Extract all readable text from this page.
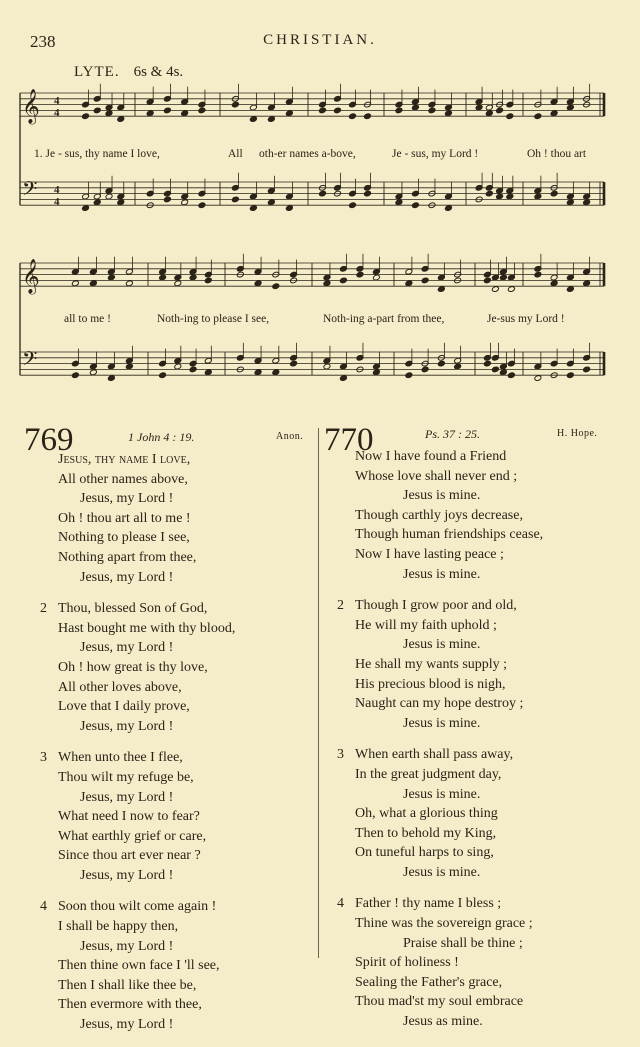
238	CHRISTIAN.
LYTE. 6s & 4s.
𝄞 4
4
𝄢 4
4
𝄞
𝄢
1. Je - sus, thy name I love,	All oth-er names a-bove,	Je - sus, my Lord !	Oh ! thou art
all to me !	Noth-ing to please I see,	Noth-ing a-part from thee,	Je-sus my Lord !
769	1 John 4 : 19.	Anon.
Jesus, thy name I love,
All other names above,
Jesus, my Lord !
Oh ! thou art all to me !
Nothing to please I see,
Nothing apart from thee,
Jesus, my Lord !
2 Thou, blessed Son of God,
Hast bought me with thy blood,
Jesus, my Lord !
Oh ! how great is thy love,
All other loves above,
Love that I daily prove,
Jesus, my Lord !
3 When unto thee I flee,
Thou wilt my refuge be,
Jesus, my Lord !
What need I now to fear?
What earthly grief or care,
Since thou art ever near ?
Jesus, my Lord !
4 Soon thou wilt come again !
I shall be happy then,
Jesus, my Lord !
Then thine own face I 'll see,
Then I shall like thee be,
Then evermore with thee,
Jesus, my Lord !
770	Ps. 37 : 25.	H. Hope.
Now I have found a Friend
Whose love shall never end ;
Jesus is mine.
Though carthly joys decrease,
Though human friendships cease,
Now I have lasting peace ;
Jesus is mine.
2 Though I grow poor and old,
He will my faith uphold ;
Jesus is mine.
He shall my wants supply ;
His precious blood is nigh,
Naught can my hope destroy ;
Jesus is mine.
3 When earth shall pass away,
In the great judgment day,
Jesus is mine.
Oh, what a glorious thing
Then to behold my King,
On tuneful harps to sing,
Jesus is mine.
4 Father ! thy name I bless ;
Thine was the sovereign grace ;
Praise shall be thine ;
Spirit of holiness !
Sealing the Father's grace,
Thou mad'st my soul embrace
Jesus as mine.
